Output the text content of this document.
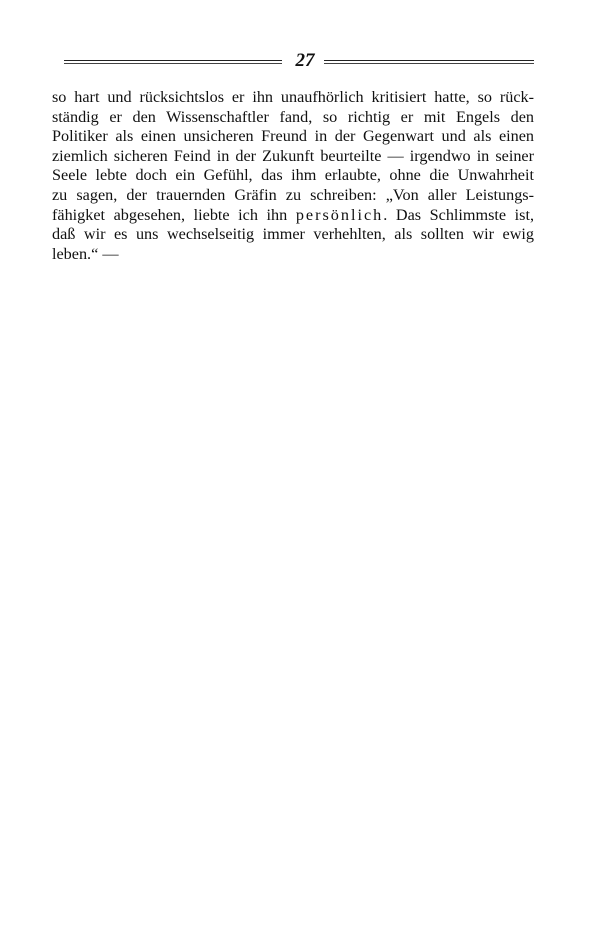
27

so hart und rücksichtslos er ihn unaufhörlich kritisiert hatte, so rück-
ständig er den Wissenschaftler fand, so richtig er mit Engels den
Politiker als einen unsicheren Freund in der Gegenwart und als einen
ziemlich sicheren Feind in der Zukunft beurteilte — irgendwo in seiner
Seele lebte doch ein Gefühl, das ihm erlaubte, ohne die Unwahrheit
zu sagen, der trauernden Gräfin zu schreiben: „Von aller Leistungs-
fähigket abgesehen, liebte ich ihn persönlich. Das Schlimmste ist,
daß wir es uns wechselseitig immer verhehlten, als sollten wir ewig
leben.“ —
